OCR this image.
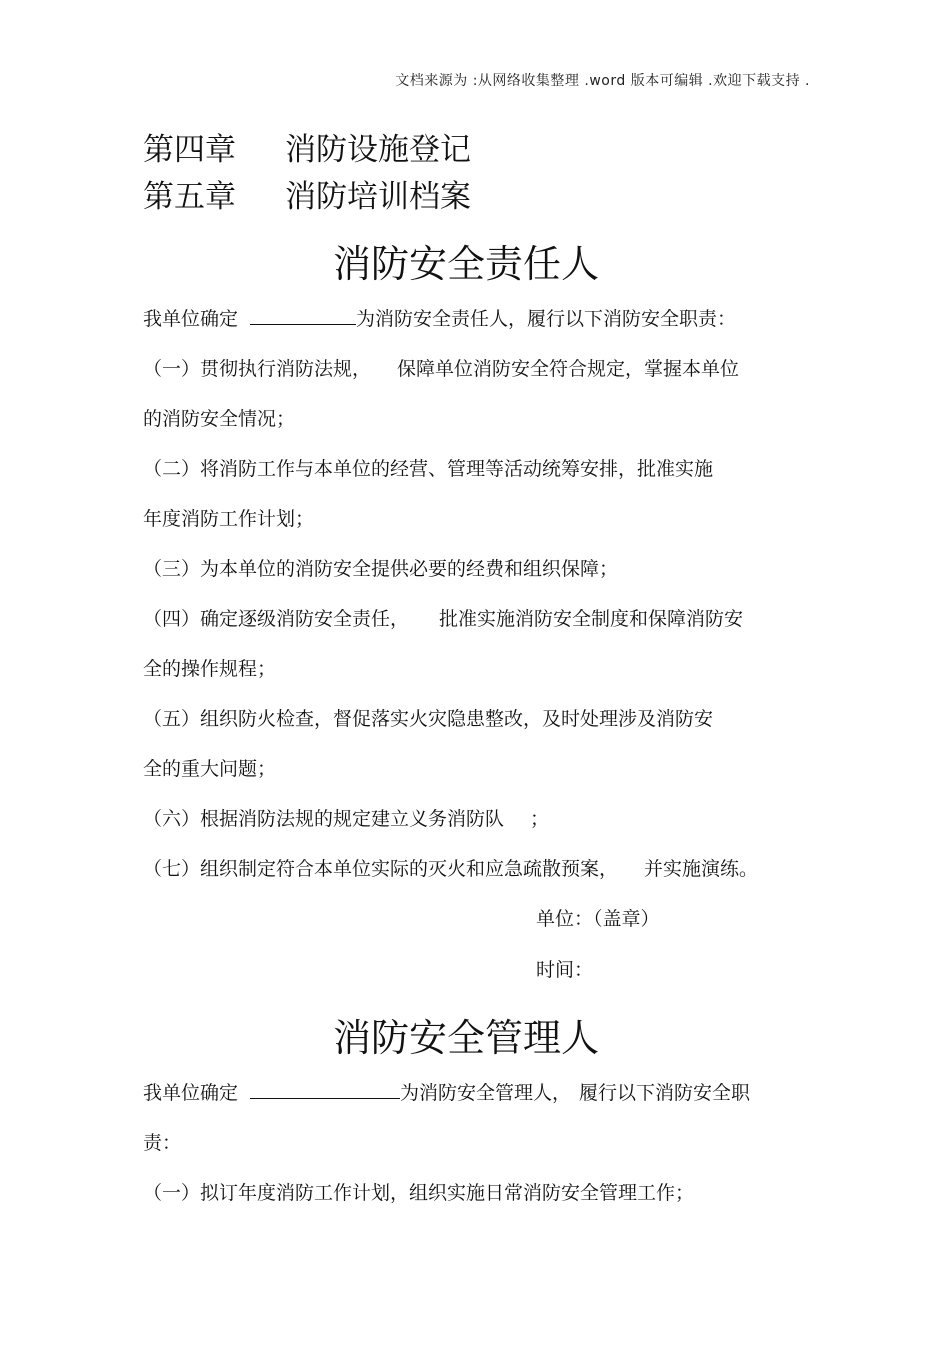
文档来源为 :从网络收集整理 .word 版本可编辑 .欢迎下载支持 .
第四章 消防设施登记
第五章 消防培训档案
消防安全责任人
我单位确定	为消防安全责任人，履行以下消防安全职责：
（一）贯彻执行消防法规， 保障单位消防安全符合规定，掌握本单位
的消防安全情况；
（二）将消防工作与本单位的经营、管理等活动统筹安排，批准实施
年度消防工作计划；
（三）为本单位的消防安全提供必要的经费和组织保障；
（四）确定逐级消防安全责任， 批准实施消防安全制度和保障消防安
全的操作规程；
（五）组织防火检查，督促落实火灾隐患整改，及时处理涉及消防安
全的重大问题；
（六）根据消防法规的规定建立义务消防队 ；
（七）组织制定符合本单位实际的灭火和应急疏散预案， 并实施演练。
单位：（盖章）
时间：
消防安全管理人
我单位确定	为消防安全管理人， 履行以下消防安全职
责：
（一）拟订年度消防工作计划，组织实施日常消防安全管理工作；
